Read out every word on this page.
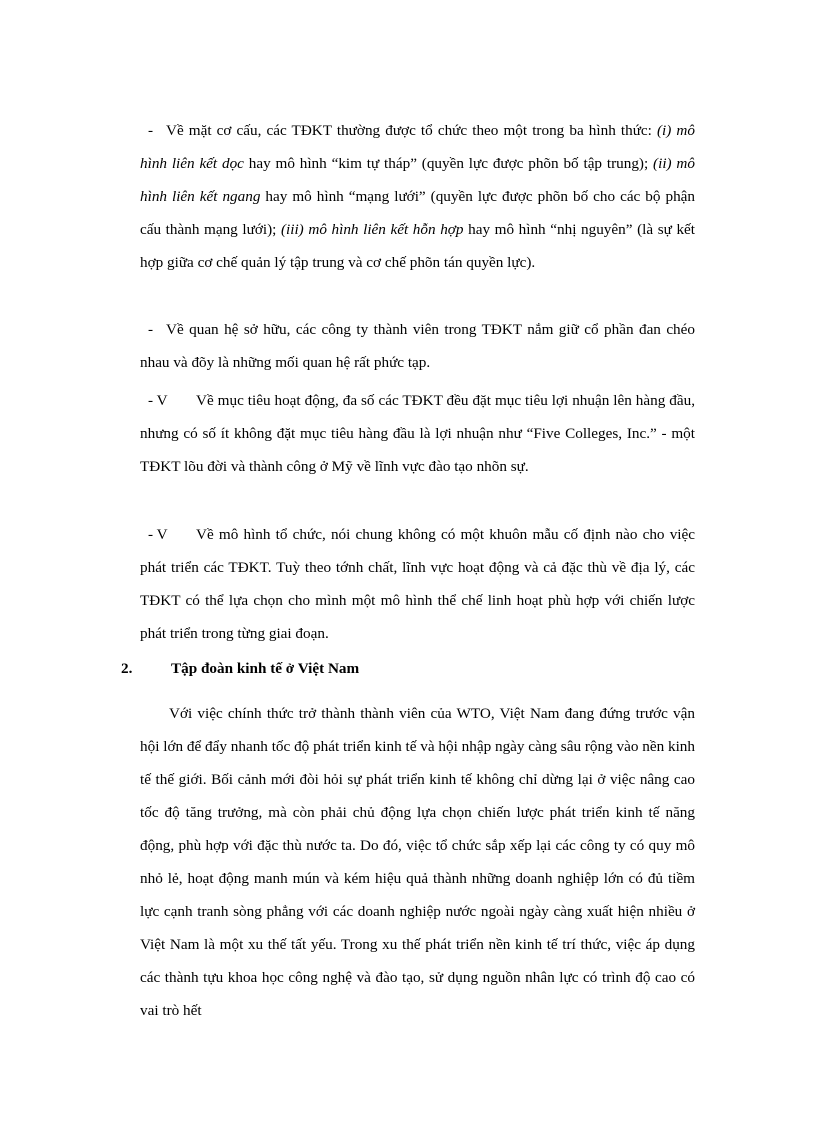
- Về mặt cơ cấu, các TĐKT thường được tổ chức theo một trong ba hình thức: (i) mô hình liên kết dọc hay mô hình “kim tự tháp” (quyền lực được phõn bố tập trung); (ii) mô hình liên kết ngang hay mô hình “mạng lưới” (quyền lực được phõn bố cho các bộ phận cấu thành mạng lưới); (iii) mô hình liên kết hỗn hợp hay mô hình “nhị nguyên” (là sự kết hợp giữa cơ chế quản lý tập trung và cơ chế phõn tán quyền lực).

- Về quan hệ sở hữu, các công ty thành viên trong TĐKT nắm giữ cổ phần đan chéo nhau và đõy là những mối quan hệ rất phức tạp.

- V Về mục tiêu hoạt động, đa số các TĐKT đều đặt mục tiêu lợi nhuận lên hàng đầu, nhưng có số ít không đặt mục tiêu hàng đầu là lợi nhuận như “Five Colleges, Inc.” - một TĐKT lõu đời và thành công ở Mỹ về lĩnh vực đào tạo nhõn sự.

- V Về mô hình tổ chức, nói chung không có một khuôn mẫu cố định nào cho việc phát triển các TĐKT. Tuỳ theo tớnh chất, lĩnh vực hoạt động và cả đặc thù về địa lý, các TĐKT có thể lựa chọn cho mình một mô hình thể chế linh hoạt phù hợp với chiến lược phát triển trong từng giai đoạn.

2.	Tập đoàn kinh tế ở Việt Nam

Với việc chính thức trở thành thành viên của WTO, Việt Nam đang đứng trước vận hội lớn để đẩy nhanh tốc độ phát triển kinh tế và hội nhập ngày càng sâu rộng vào nền kinh tế thế giới. Bối cảnh mới đòi hỏi sự phát triển kinh tế không chỉ dừng lại ở việc nâng cao tốc độ tăng trưởng, mà còn phải chủ động lựa chọn chiến lược phát triển kinh tế năng động, phù hợp với đặc thù nước ta. Do đó, việc tổ chức sắp xếp lại các công ty có quy mô nhỏ lẻ, hoạt động manh mún và kém hiệu quả thành những doanh nghiệp lớn có đủ tiềm lực cạnh tranh sòng phẳng với các doanh nghiệp nước ngoài ngày càng xuất hiện nhiều ở Việt Nam là một xu thế tất yếu. Trong xu thế phát triển nền kinh tế trí thức, việc áp dụng các thành tựu khoa học công nghệ và đào tạo, sử dụng nguồn nhân lực có trình độ cao có vai trò hết
